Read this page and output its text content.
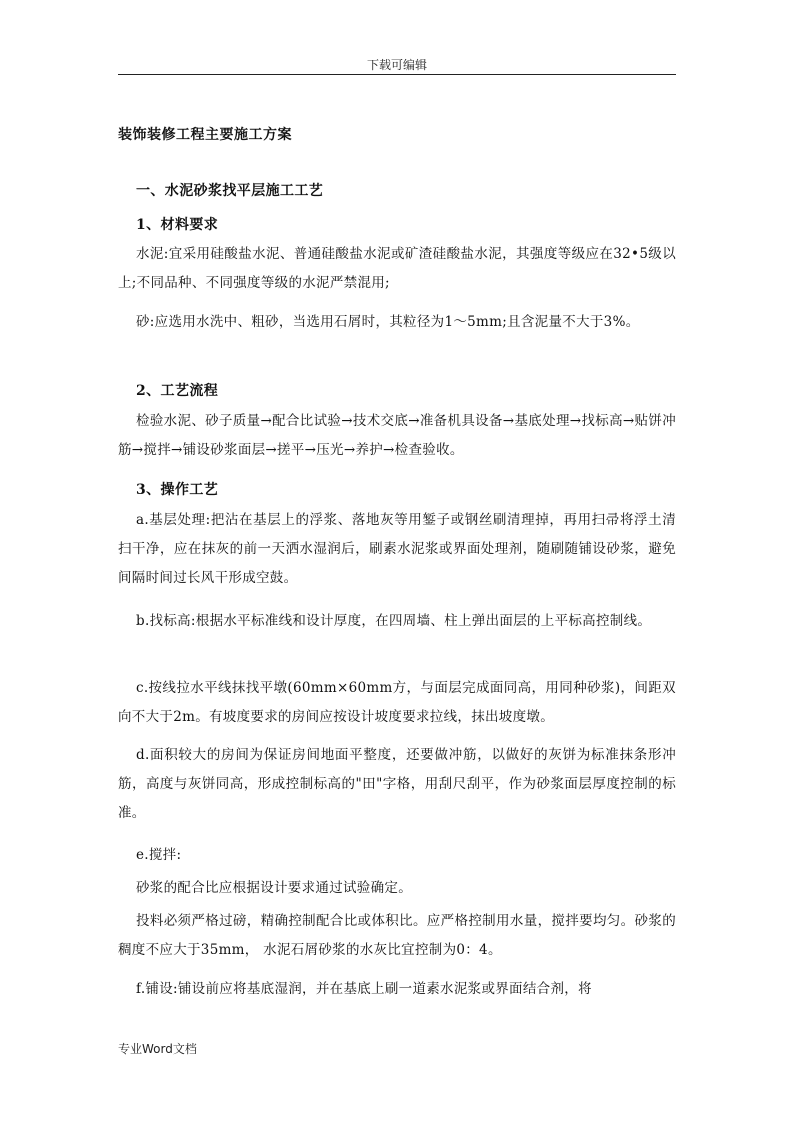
下载可编辑
装饰装修工程主要施工方案
一、水泥砂浆找平层施工工艺
1、材料要求
水泥:宜采用硅酸盐水泥、普通硅酸盐水泥或矿渣硅酸盐水泥，其强度等级应在32•5级以上;不同品种、不同强度等级的水泥严禁混用;
砂:应选用水洗中、粗砂，当选用石屑时，其粒径为1～5mm;且含泥量不大于3%。
2、工艺流程
检验水泥、砂子质量→配合比试验→技术交底→准备机具设备→基底处理→找标高→贴饼冲筋→搅拌→铺设砂浆面层→搓平→压光→养护→检查验收。
3、操作工艺
a.基层处理:把沾在基层上的浮浆、落地灰等用錾子或钢丝刷清理掉，再用扫帚将浮土清扫干净，应在抹灰的前一天洒水湿润后，刷素水泥浆或界面处理剂，随刷随铺设砂浆，避免间隔时间过长风干形成空鼓。
b.找标高:根据水平标准线和设计厚度，在四周墙、柱上弹出面层的上平标高控制线。
c.按线拉水平线抹找平墩(60mm×60mm方，与面层完成面同高，用同种砂浆)，间距双向不大于2m。有坡度要求的房间应按设计坡度要求拉线，抹出坡度墩。
d.面积较大的房间为保证房间地面平整度，还要做冲筋，以做好的灰饼为标准抹条形冲筋，高度与灰饼同高，形成控制标高的"田"字格，用刮尺刮平，作为砂浆面层厚度控制的标准。
e.搅拌:
砂浆的配合比应根据设计要求通过试验确定。
投料必须严格过磅，精确控制配合比或体积比。应严格控制用水量，搅拌要均匀。砂浆的稠度不应大于35mm， 水泥石屑砂浆的水灰比宜控制为0：4。
f.铺设:铺设前应将基底湿润，并在基底上刷一道素水泥浆或界面结合剂，将
专业Word文档
